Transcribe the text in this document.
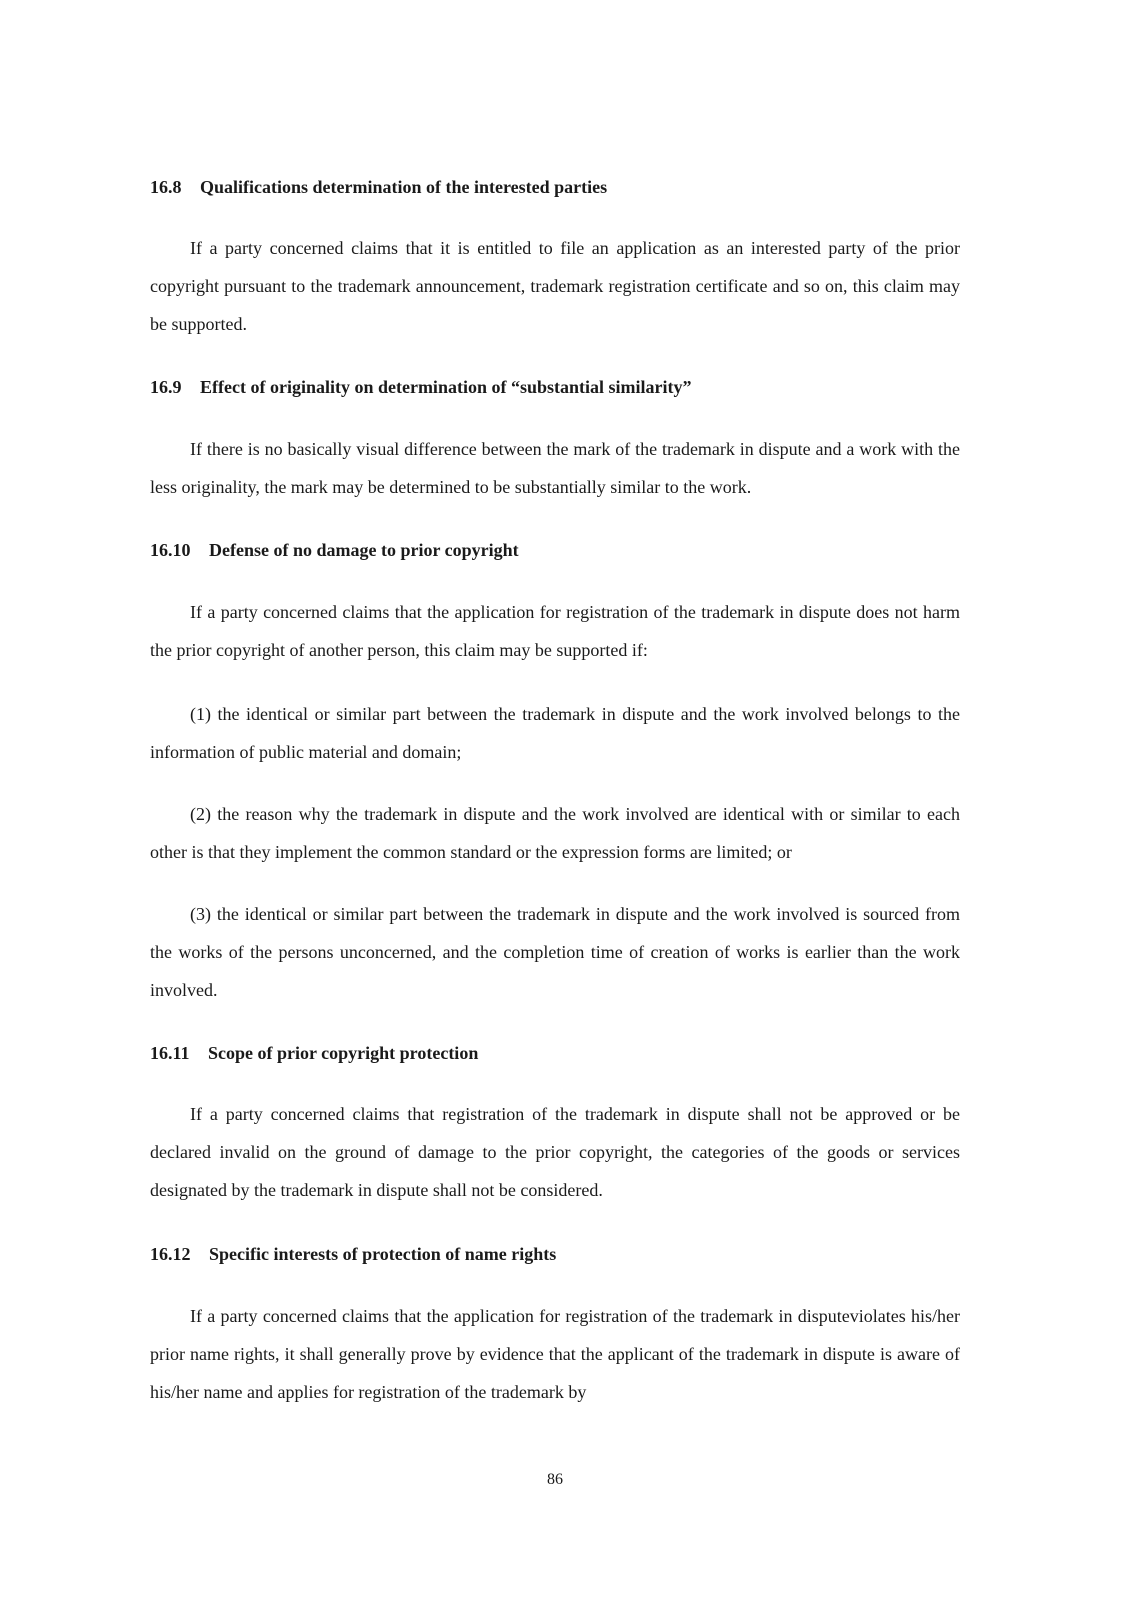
16.8 Qualifications determination of the interested parties

If a party concerned claims that it is entitled to file an application as an interested party of the prior copyright pursuant to the trademark announcement, trademark registration certificate and so on, this claim may be supported.

16.9 Effect of originality on determination of “substantial similarity”

If there is no basically visual difference between the mark of the trademark in dispute and a work with the less originality, the mark may be determined to be substantially similar to the work.

16.10 Defense of no damage to prior copyright

If a party concerned claims that the application for registration of the trademark in dispute does not harm the prior copyright of another person, this claim may be supported if:

(1) the identical or similar part between the trademark in dispute and the work involved belongs to the information of public material and domain;

(2) the reason why the trademark in dispute and the work involved are identical with or similar to each other is that they implement the common standard or the expression forms are limited; or

(3) the identical or similar part between the trademark in dispute and the work involved is sourced from the works of the persons unconcerned, and the completion time of creation of works is earlier than the work involved.

16.11 Scope of prior copyright protection

If a party concerned claims that registration of the trademark in dispute shall not be approved or be declared invalid on the ground of damage to the prior copyright, the categories of the goods or services designated by the trademark in dispute shall not be considered.

16.12 Specific interests of protection of name rights

If a party concerned claims that the application for registration of the trademark in disputeviolates his/her prior name rights, it shall generally prove by evidence that the applicant of the trademark in dispute is aware of his/her name and applies for registration of the trademark by

86
